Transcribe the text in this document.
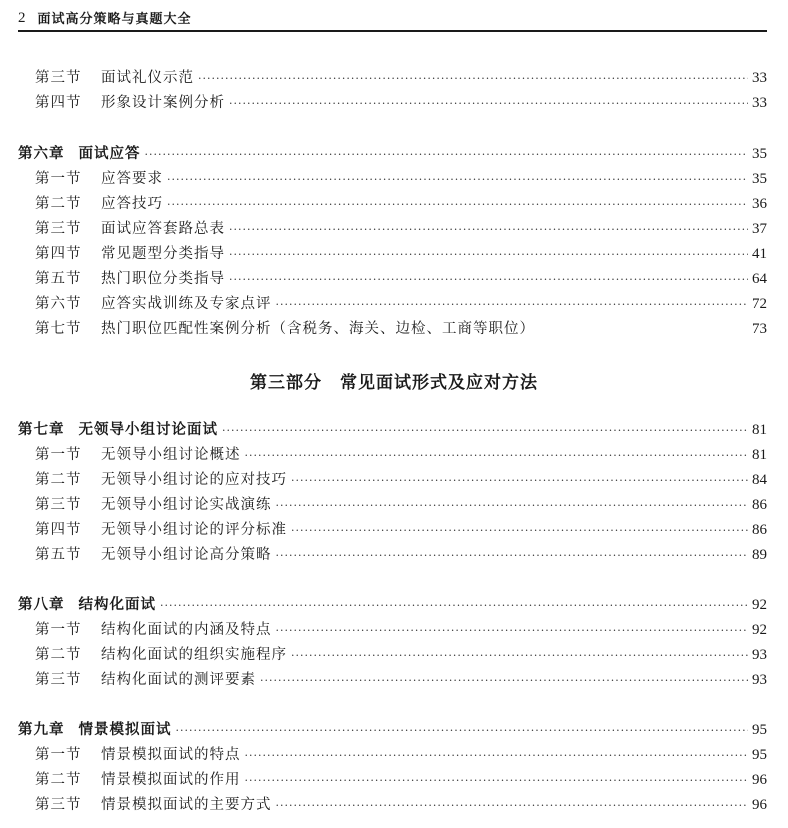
2 面试高分策略与真题大全
第三部分　常见面试形式及应对方法
第三节	面试礼仪示范 ·····	33
第四节	形象设计案例分析 ·····	33
第六章 面试应答 ·····	35
第一节	应答要求 ·····	35
第二节	应答技巧 ·····	36
第三节	面试应答套路总表 ·····	37
第四节	常见题型分类指导 ·····	41
第五节	热门职位分类指导 ·····	64
第六节	应答实战训练及专家点评 ·····	72
第七节	热门职位匹配性案例分析（含税务、海关、边检、工商等职位）	73
第七章 无领导小组讨论面试 ·····	81
第一节	无领导小组讨论概述 ·····	81
第二节	无领导小组讨论的应对技巧 ·····	84
第三节	无领导小组讨论实战演练 ·····	86
第四节	无领导小组讨论的评分标准 ·····	86
第五节	无领导小组讨论高分策略 ·····	89
第八章 结构化面试 ·····	92
第一节	结构化面试的内涵及特点 ·····	92
第二节	结构化面试的组织实施程序 ·····	93
第三节	结构化面试的测评要素 ·····	93
第九章 情景模拟面试 ·····	95
第一节	情景模拟面试的特点 ·····	95
第二节	情景模拟面试的作用 ·····	96
第三节	情景模拟面试的主要方式 ·····	96
